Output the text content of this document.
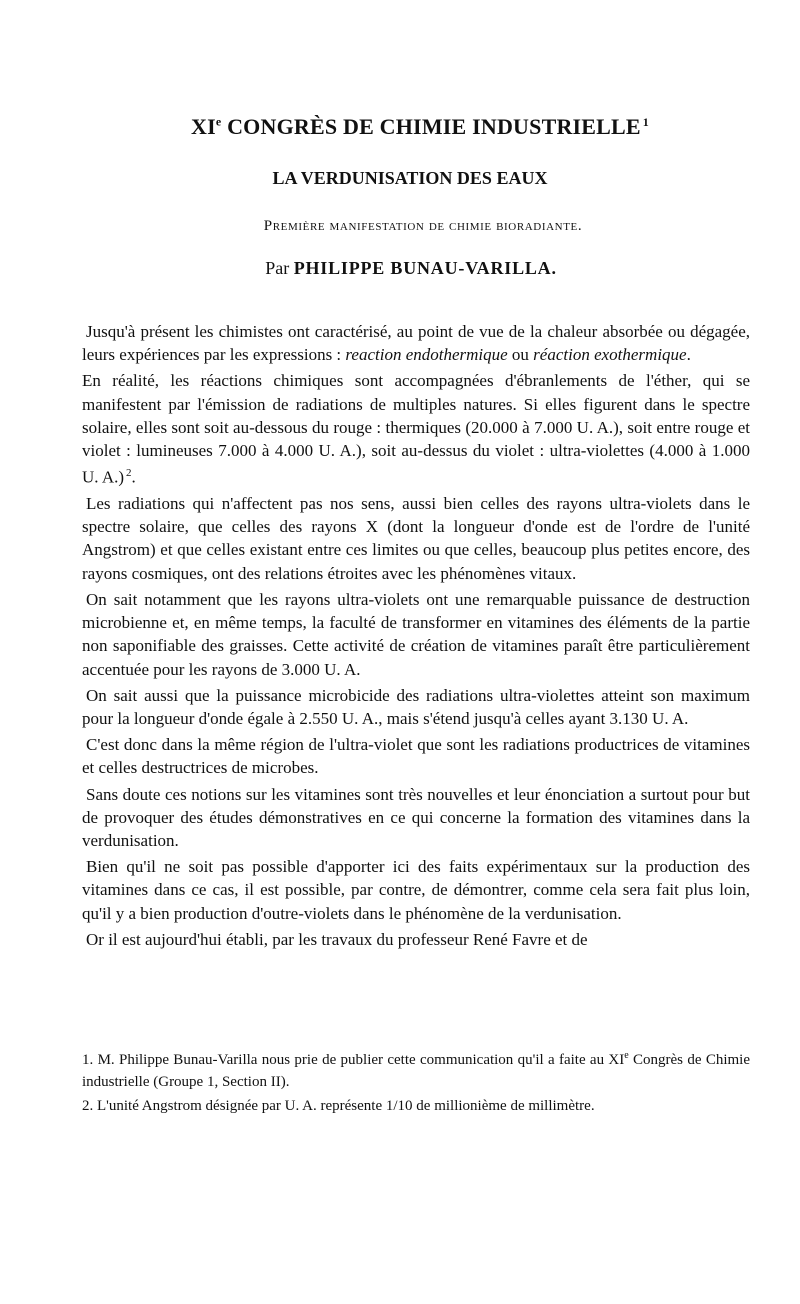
XIe CONGRÈS DE CHIMIE INDUSTRIELLE $^1$
LA VERDUNISATION DES EAUX
Première manifestation de chimie bioradiante.
Par PHILIPPE BUNAU-VARILLA.

Jusqu'à présent les chimistes ont caractérisé, au point de vue de la chaleur absorbée ou dégagée, leurs expériences par les expressions : reaction endothermique ou réaction exothermique.

En réalité, les réactions chimiques sont accompagnées d'ébranlements de l'éther, qui se manifestent par l'émission de radiations de multiples natures. Si elles figurent dans le spectre solaire, elles sont soit au-dessous du rouge : thermiques (20.000 à 7.000 U. A.), soit entre rouge et violet : lumineuses 7.000 à 4.000 U. A.), soit au-dessus du violet : ultra-violettes (4.000 à 1.000 U. A.) $^2$.

Les radiations qui n'affectent pas nos sens, aussi bien celles des rayons ultra-violets dans le spectre solaire, que celles des rayons X (dont la longueur d'onde est de l'ordre de l'unité Angstrom) et que celles existant entre ces limites ou que celles, beaucoup plus petites encore, des rayons cosmiques, ont des relations étroites avec les phénomènes vitaux.

On sait notamment que les rayons ultra-violets ont une remarquable puissance de destruction microbienne et, en même temps, la faculté de transformer en vitamines des éléments de la partie non saponifiable des graisses. Cette activité de création de vitamines paraît être particulièrement accentuée pour les rayons de 3.000 U. A.

On sait aussi que la puissance microbicide des radiations ultra-violettes atteint son maximum pour la longueur d'onde égale à 2.550 U. A., mais s'étend jusqu'à celles ayant 3.130 U. A.

C'est donc dans la même région de l'ultra-violet que sont les radiations productrices de vitamines et celles destructrices de microbes.

Sans doute ces notions sur les vitamines sont très nouvelles et leur énonciation a surtout pour but de provoquer des études démonstratives en ce qui concerne la formation des vitamines dans la verdunisation.

Bien qu'il ne soit pas possible d'apporter ici des faits expérimentaux sur la production des vitamines dans ce cas, il est possible, par contre, de démontrer, comme cela sera fait plus loin, qu'il y a bien production d'outre-violets dans le phénomène de la verdunisation.

Or il est aujourd'hui établi, par les travaux du professeur René Favre et de

1. M. Philippe Bunau-Varilla nous prie de publier cette communication qu'il a faite au XIe Congrès de Chimie industrielle (Groupe 1, Section II).

2. L'unité Angstrom désignée par U. A. représente 1/10 de millionième de millimètre.
